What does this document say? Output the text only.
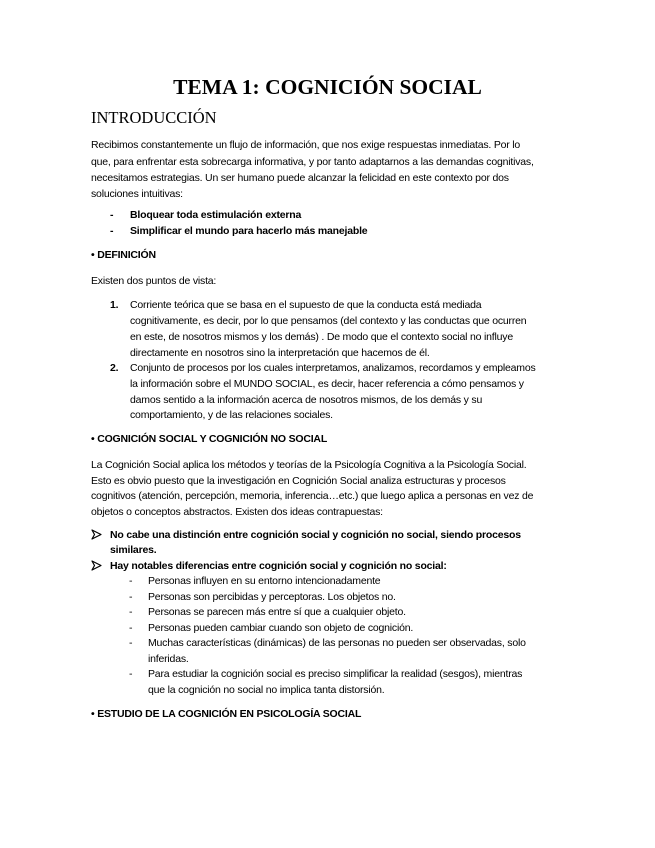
TEMA 1: COGNICIÓN SOCIAL
INTRODUCCIÓN
Recibimos constantemente un flujo de información, que nos exige respuestas inmediatas. Por lo
que, para enfrentar esta sobrecarga informativa, y por tanto adaptarnos a las demandas cognitivas,
necesitamos estrategias. Un ser humano puede alcanzar la felicidad en este contexto por dos
soluciones intuitivas:
- Bloquear toda estimulación externa
- Simplificar el mundo para hacerlo más manejable
• DEFINICIÓN
Existen dos puntos de vista:
1. Corriente teórica que se basa en el supuesto de que la conducta está mediada
cognitivamente, es decir, por lo que pensamos (del contexto y las conductas que ocurren
en este, de nosotros mismos y los demás) . De modo que el contexto social no influye
directamente en nosotros sino la interpretación que hacemos de él.
2. Conjunto de procesos por los cuales interpretamos, analizamos, recordamos y empleamos
la información sobre el MUNDO SOCIAL, es decir, hacer referencia a cómo pensamos y
damos sentido a la información acerca de nosotros mismos, de los demás y su
comportamiento, y de las relaciones sociales.
• COGNICIÓN SOCIAL Y COGNICIÓN NO SOCIAL
La Cognición Social aplica los métodos y teorías de la Psicología Cognitiva a la Psicología Social.
Esto es obvio puesto que la investigación en Cognición Social analiza estructuras y procesos
cognitivos (atención, percepción, memoria, inferencia…etc.) que luego aplica a personas en vez de
objetos o conceptos abstractos. Existen dos ideas contrapuestas:
No cabe una distinción entre cognición social y cognición no social, siendo procesos
similares.
Hay notables diferencias entre cognición social y cognición no social:
- Personas influyen en su entorno intencionadamente
- Personas son percibidas y perceptoras. Los objetos no.
- Personas se parecen más entre sí que a cualquier objeto.
- Personas pueden cambiar cuando son objeto de cognición.
- Muchas características (dinámicas) de las personas no pueden ser observadas, solo
inferidas.
- Para estudiar la cognición social es preciso simplificar la realidad (sesgos), mientras
que la cognición no social no implica tanta distorsión.
• ESTUDIO DE LA COGNICIÓN EN PSICOLOGÍA SOCIAL
